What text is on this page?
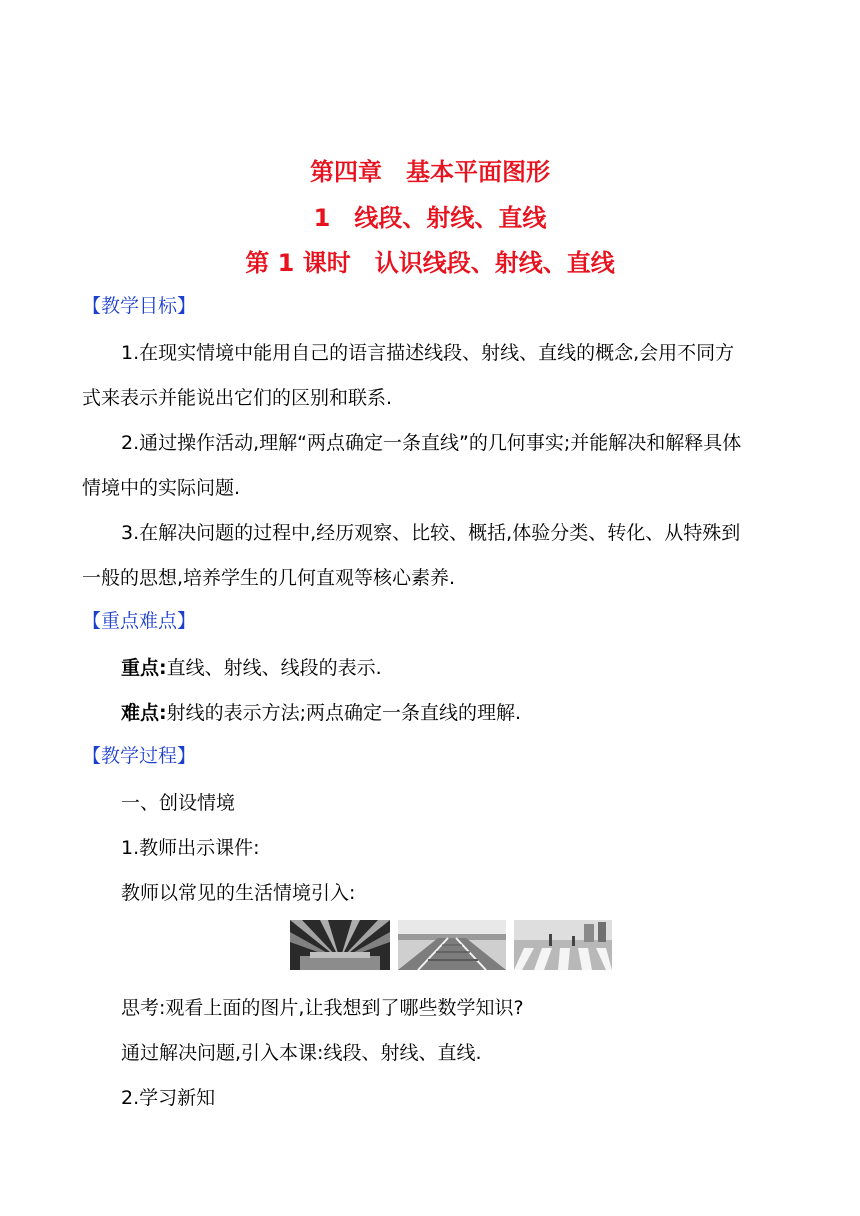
第四章　基本平面图形
1　线段、射线、直线
第 1 课时　认识线段、射线、直线
【教学目标】
1.在现实情境中能用自己的语言描述线段、射线、直线的概念,会用不同方
式来表示并能说出它们的区别和联系.
2.通过操作活动,理解“两点确定一条直线”的几何事实;并能解决和解释具体
情境中的实际问题.
3.在解决问题的过程中,经历观察、比较、概括,体验分类、转化、从特殊到
一般的思想,培养学生的几何直观等核心素养.
【重点难点】
重点:直线、射线、线段的表示.
难点:射线的表示方法;两点确定一条直线的理解.
【教学过程】
一、创设情境
1.教师出示课件:
教师以常见的生活情境引入:
思考:观看上面的图片,让我想到了哪些数学知识?
通过解决问题,引入本课:线段、射线、直线.
2.学习新知
